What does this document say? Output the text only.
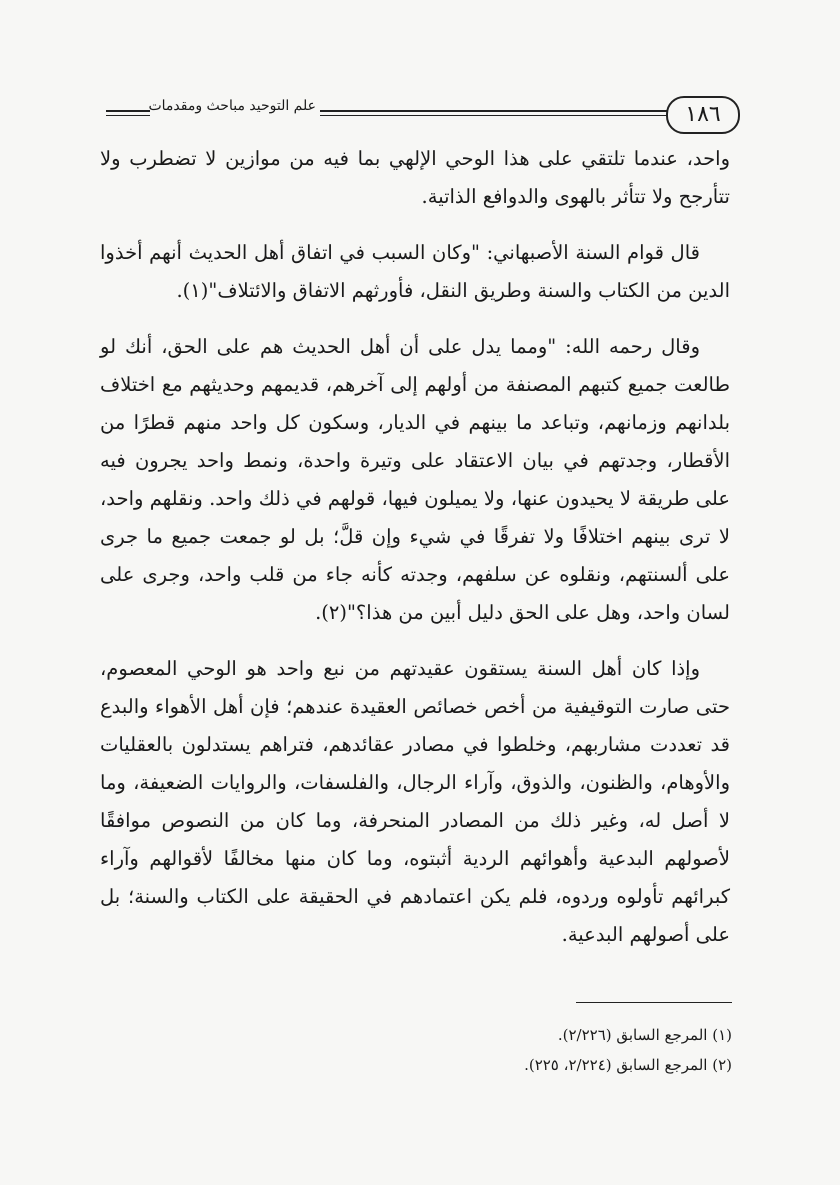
١٨٦
علم التوحيد مباحث ومقدمات

واحد، عندما تلتقي على هذا الوحي الإلهي بما فيه من موازين لا تضطرب ولا تتأرجح ولا تتأثر بالهوى والدوافع الذاتية.

قال قوام السنة الأصبهاني: "وكان السبب في اتفاق أهل الحديث أنهم أخذوا الدين من الكتاب والسنة وطريق النقل، فأورثهم الاتفاق والائتلاف"(١).

وقال رحمه الله: "ومما يدل على أن أهل الحديث هم على الحق، أنك لو طالعت جميع كتبهم المصنفة من أولهم إلى آخرهم، قديمهم وحديثهم مع اختلاف بلدانهم وزمانهم، وتباعد ما بينهم في الديار، وسكون كل واحد منهم قطرًا من الأقطار، وجدتهم في بيان الاعتقاد على وتيرة واحدة، ونمط واحد يجرون فيه على طريقة لا يحيدون عنها، ولا يميلون فيها، قولهم في ذلك واحد. ونقلهم واحد، لا ترى بينهم اختلافًا ولا تفرقًا في شيء وإن قلَّ؛ بل لو جمعت جميع ما جرى على ألسنتهم، ونقلوه عن سلفهم، وجدته كأنه جاء من قلب واحد، وجرى على لسان واحد، وهل على الحق دليل أبين من هذا؟"(٢).

وإذا كان أهل السنة يستقون عقيدتهم من نبع واحد هو الوحي المعصوم، حتى صارت التوقيفية من أخص خصائص العقيدة عندهم؛ فإن أهل الأهواء والبدع قد تعددت مشاربهم، وخلطوا في مصادر عقائدهم، فتراهم يستدلون بالعقليات والأوهام، والظنون، والذوق، وآراء الرجال، والفلسفات، والروايات الضعيفة، وما لا أصل له، وغير ذلك من المصادر المنحرفة، وما كان من النصوص موافقًا لأصولهم البدعية وأهوائهم الردية أثبتوه، وما كان منها مخالفًا لأقوالهم وآراء كبرائهم تأولوه وردوه، فلم يكن اعتمادهم في الحقيقة على الكتاب والسنة؛ بل على أصولهم البدعية.

(١) المرجع السابق (٢/٢٢٦).

(٢) المرجع السابق (٢/٢٢٤، ٢٢٥).
